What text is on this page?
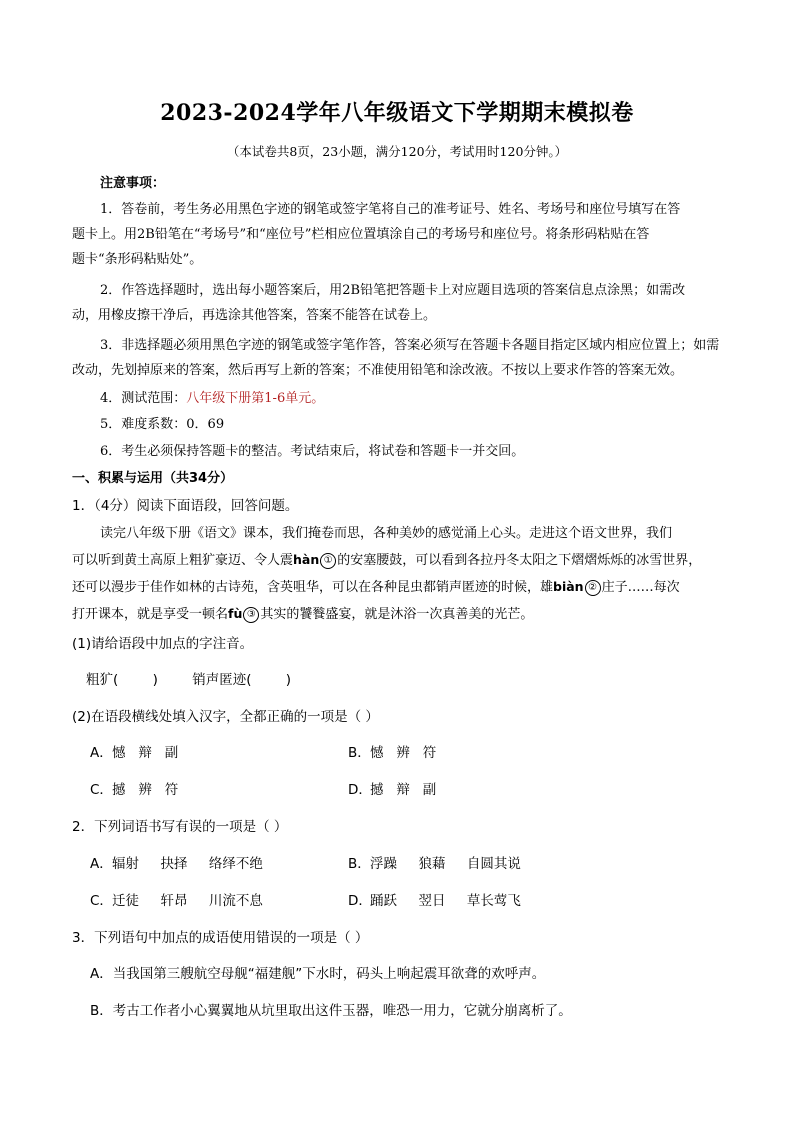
2023-2024学年八年级语文下学期期末模拟卷
（本试卷共8页，23小题，满分120分，考试用时120分钟。）
注意事项：
1．答卷前，考生务必用黑色字迹的钢笔或签字笔将自己的准考证号、姓名、考场号和座位号填写在答
题卡上。用2B铅笔在“考场号”和“座位号”栏相应位置填涂自己的考场号和座位号。将条形码粘贴在答
题卡“条形码粘贴处”。
2．作答选择题时，选出每小题答案后，用2B铅笔把答题卡上对应题目选项的答案信息点涂黑；如需改
动，用橡皮擦干净后，再选涂其他答案，答案不能答在试卷上。
3．非选择题必须用黑色字迹的钢笔或签字笔作答，答案必须写在答题卡各题目指定区域内相应位置上；如需
改动，先划掉原来的答案，然后再写上新的答案；不准使用铅笔和涂改液。不按以上要求作答的答案无效。
4．测试范围：八年级下册第1-6单元。
5．难度系数：0．69
6．考生必须保持答题卡的整洁。考试结束后，将试卷和答题卡一并交回。
一、积累与运用（共34分）
1．（4分）阅读下面语段，回答问题。
读完八年级下册《语文》课本，我们掩卷而思，各种美妙的感觉涌上心头。走进这个语文世界，我们
可以听到黄土高原上粗犷豪迈、令人震hàn ① 的安塞腰鼓，可以看到各拉丹冬太阳之下熠熠烁烁的冰雪世界，
还可以漫步于佳作如林的古诗苑，含英咀华，可以在各种昆虫都销声匿迹的时候，雄biàn ② 庄子……每次
打开课本，就是享受一顿名fù ③ 其实的饕餮盛宴，就是沐浴一次真善美的光芒。
(1)请给语段中加点的字注音。
粗犷(        )        销声匿迹(        )
(2)在语段横线处填入汉字，全都正确的一项是（ ）
A．憾   辩   副	B．憾   辨   符
C．撼   辨   符	D．撼   辩   副
2．下列词语书写有误的一项是（ ）
A．辐射     抉择     络绎不绝	B．浮躁     狼藉     自圆其说
C．迁徒     轩昂     川流不息	D．踊跃     翌日     草长莺飞
3．下列语句中加点的成语使用错误的一项是（ ）
A．当我国第三艘航空母舰“福建舰”下水时，码头上响起震耳欲聋的欢呼声。
B．考古工作者小心翼翼地从坑里取出这件玉器，唯恐一用力，它就分崩离析了。
